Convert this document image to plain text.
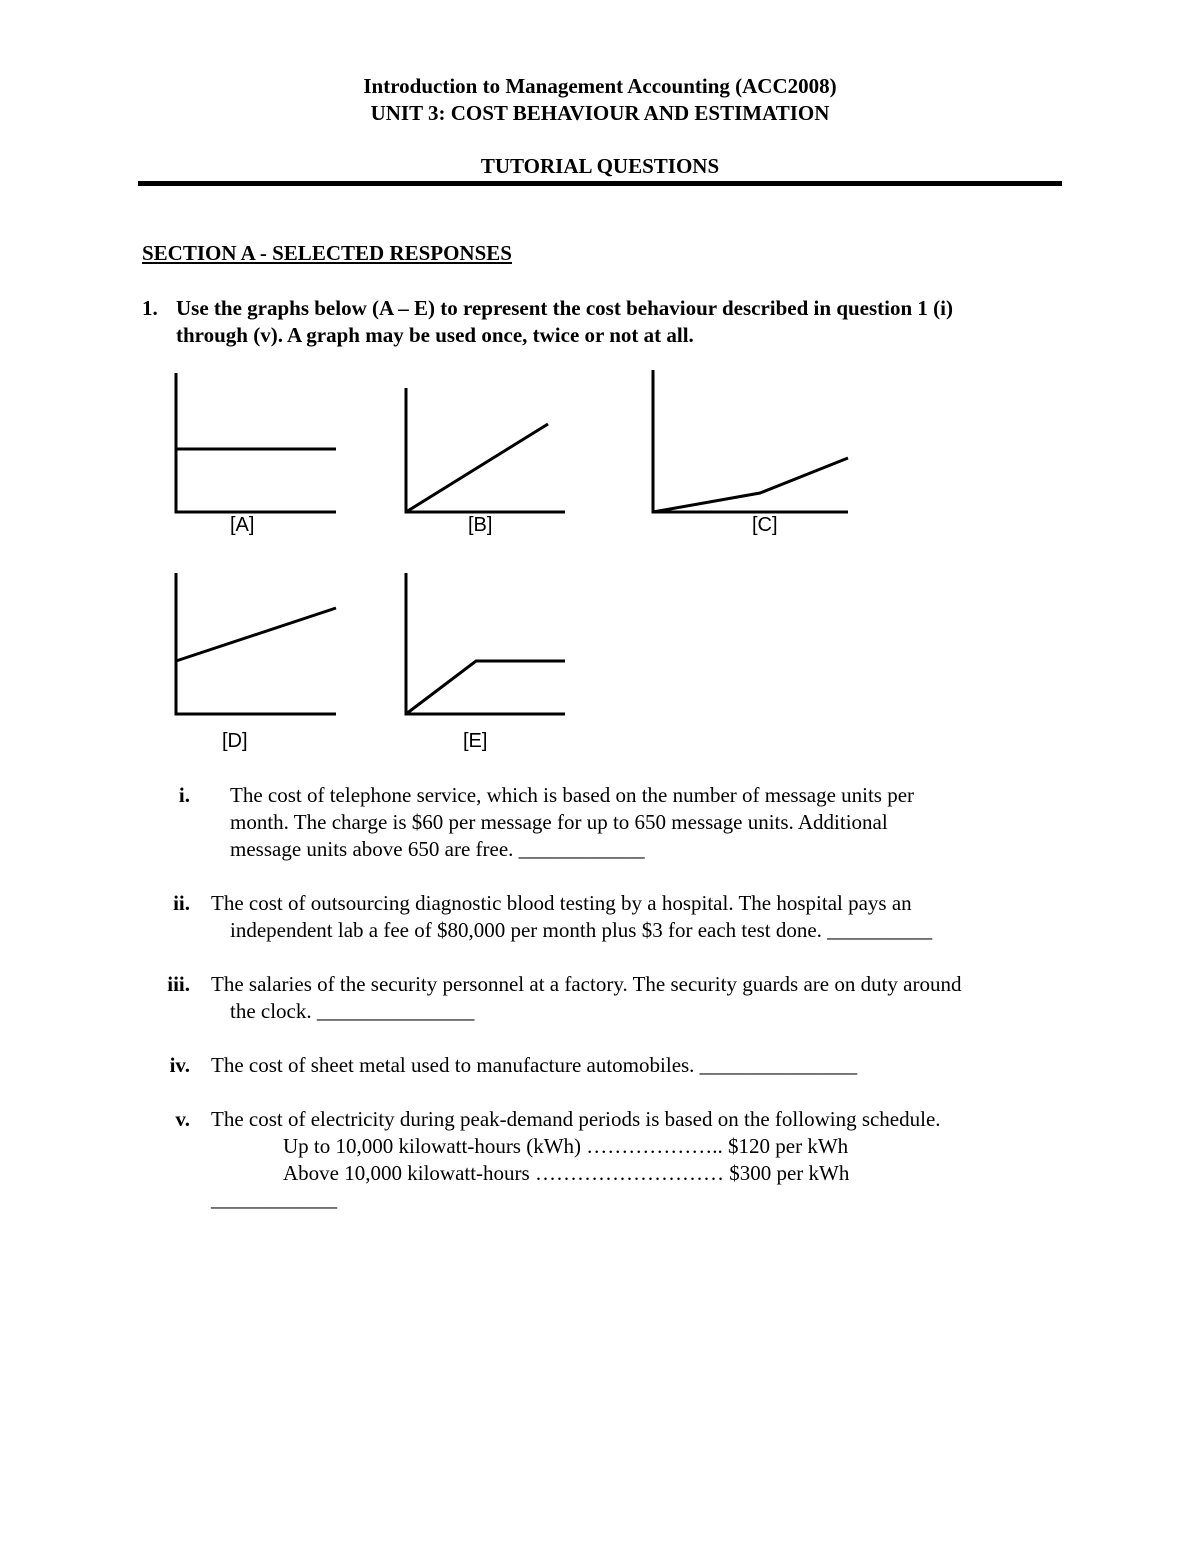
Introduction to Management Accounting (ACC2008)
UNIT 3: COST BEHAVIOUR AND ESTIMATION
TUTORIAL QUESTIONS
SECTION A - SELECTED RESPONSES
1. Use the graphs below (A – E) to represent the cost behaviour described in question 1 (i)
through (v). A graph may be used once, twice or not at all.
[A]	[B]	[C]
[D]	[E]
i. The cost of telephone service, which is based on the number of message units per
month. The charge is $60 per message for up to 650 message units. Additional
message units above 650 are free. ____________
ii. The cost of outsourcing diagnostic blood testing by a hospital. The hospital pays an
independent lab a fee of $80,000 per month plus $3 for each test done. __________
iii. The salaries of the security personnel at a factory. The security guards are on duty around
the clock. _______________
iv. The cost of sheet metal used to manufacture automobiles. _______________
v. The cost of electricity during peak-demand periods is based on the following schedule.
Up to 10,000 kilowatt-hours (kWh) ……………….. $120 per kWh
Above 10,000 kilowatt-hours ……………………… $300 per kWh
____________
